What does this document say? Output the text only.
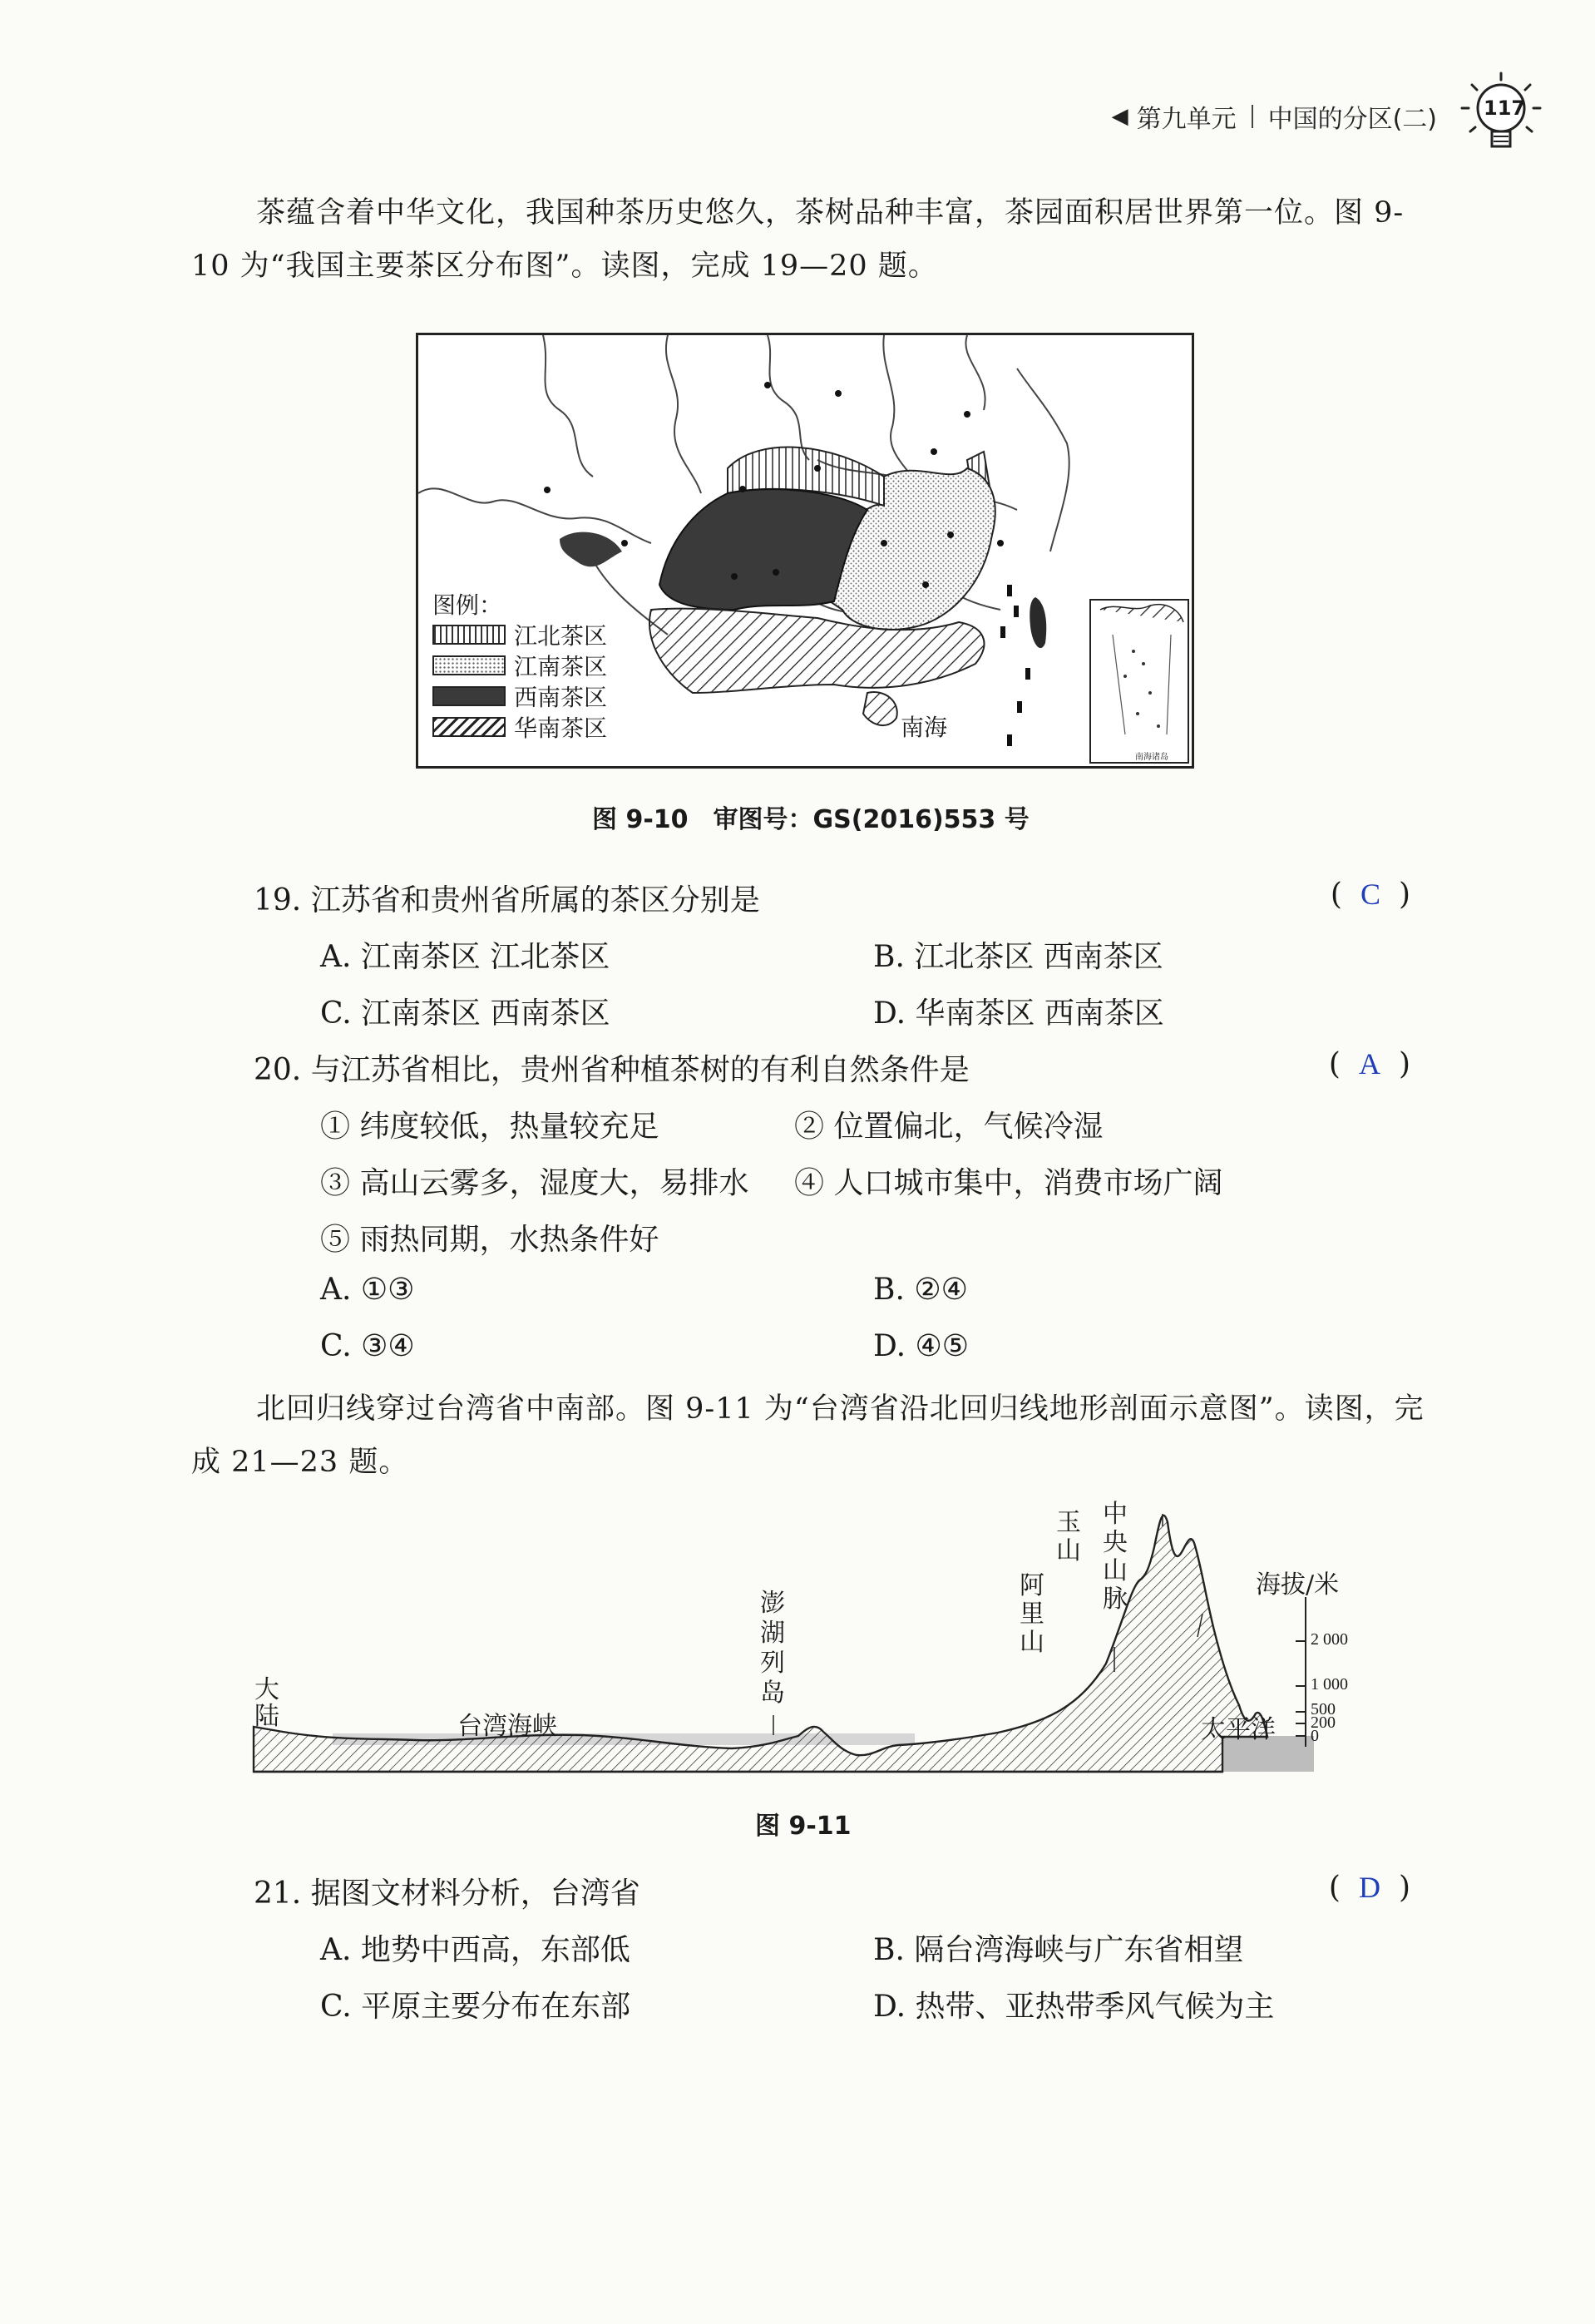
◀ 第九单元 中国的分区(二) 117
茶蕴含着中华文化，我国种茶历史悠久，茶树品种丰富，茶园面积居世界第一位。图 9-10 为“我国主要茶区分布图”。读图，完成 19—20 题。
南海
南海诸岛
图例：
江北茶区
江南茶区
西南茶区
华南茶区
图 9-10　审图号：GS(2016)553 号
19. 江苏省和贵州省所属的茶区分别是	( C )
A. 江南茶区 江北茶区	B. 江北茶区 西南茶区
C. 江南茶区 西南茶区	D. 华南茶区 西南茶区
20. 与江苏省相比，贵州省种植茶树的有利自然条件是	( A )
① 纬度较低，热量较充足	② 位置偏北，气候冷湿
③ 高山云雾多，湿度大，易排水 ④ 人口城市集中，消费市场广阔
⑤ 雨热同期，水热条件好
A. ①③	B. ②④
C. ③④	D. ④⑤
北回归线穿过台湾省中南部。图 9-11 为“台湾省沿北回归线地形剖面示意图”。读图，完成 21—23 题。
大陆	台湾海峡
澎湖列岛
阿里山
玉山
中央山脉
太平洋
海拔/米
2 000
1 000
500
200
0
图 9-11
21. 据图文材料分析，台湾省	( D )
A. 地势中西高，东部低	B. 隔台湾海峡与广东省相望
C. 平原主要分布在东部	D. 热带、亚热带季风气候为主
